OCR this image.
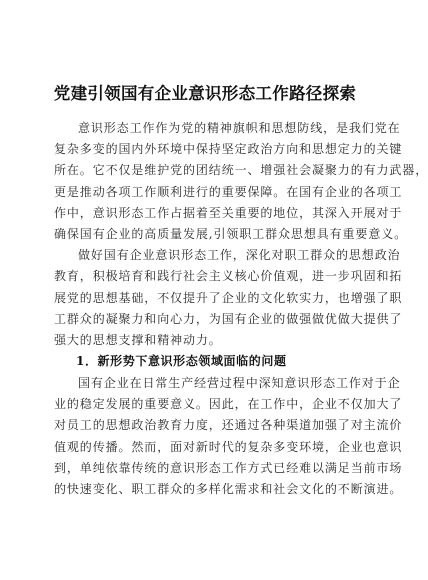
党建引领国有企业意识形态工作路径探索
意识形态工作作为党的精神旗帜和思想防线，是我们党在
复杂多变的国内外环境中保持坚定政治方向和思想定力的关键
所在。它不仅是维护党的团结统一、增强社会凝聚力的有力武器，
更是推动各项工作顺利进行的重要保障。在国有企业的各项工
作中，意识形态工作占据着至关重要的地位，其深入开展对于
确保国有企业的高质量发展,引领职工群众思想具有重要意义。
做好国有企业意识形态工作，深化对职工群众的思想政治
教育，积极培育和践行社会主义核心价值观，进一步巩固和拓
展党的思想基础，不仅提升了企业的文化软实力，也增强了职
工群众的凝聚力和向心力，为国有企业的做强做优做大提供了
强大的思想支撑和精神动力。
1．新形势下意识形态领域面临的问题
国有企业在日常生产经营过程中深知意识形态工作对于企
业的稳定发展的重要意义。因此，在工作中，企业不仅加大了
对员工的思想政治教育力度，还通过各种渠道加强了对主流价
值观的传播。然而，面对新时代的复杂多变环境，企业也意识
到，单纯依靠传统的意识形态工作方式已经难以满足当前市场
的快速变化、职工群众的多样化需求和社会文化的不断演进。
